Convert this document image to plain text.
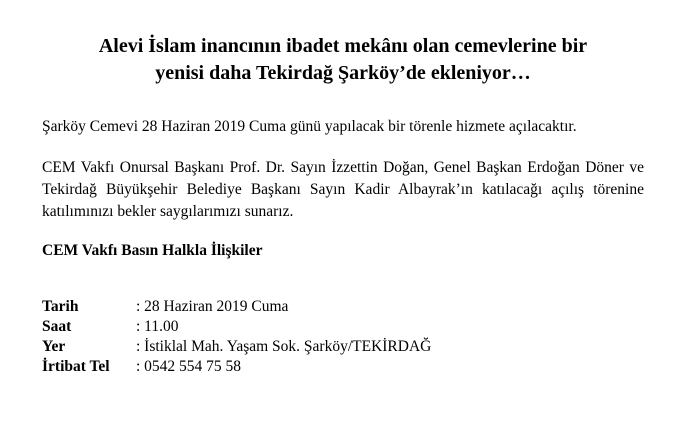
Alevi İslam inancının ibadet mekânı olan cemevlerine bir
yenisi daha Tekirdağ Şarköy’de ekleniyor…

Şarköy Cemevi 28 Haziran 2019 Cuma günü yapılacak bir törenle hizmete açılacaktır.

CEM Vakfı Onursal Başkanı Prof. Dr. Sayın İzzettin Doğan, Genel Başkan Erdoğan Döner ve Tekirdağ Büyükşehir Belediye Başkanı Sayın Kadir Albayrak’ın katılacağı açılış törenine katılımınızı bekler saygılarımızı sunarız.

CEM Vakfı Basın Halkla İlişkiler

Tarih	: 28 Haziran 2019 Cuma
Saat	: 11.00
Yer	: İstiklal Mah. Yaşam Sok. Şarköy/TEKİRDAĞ
İrtibat Tel	: 0542 554 75 58
